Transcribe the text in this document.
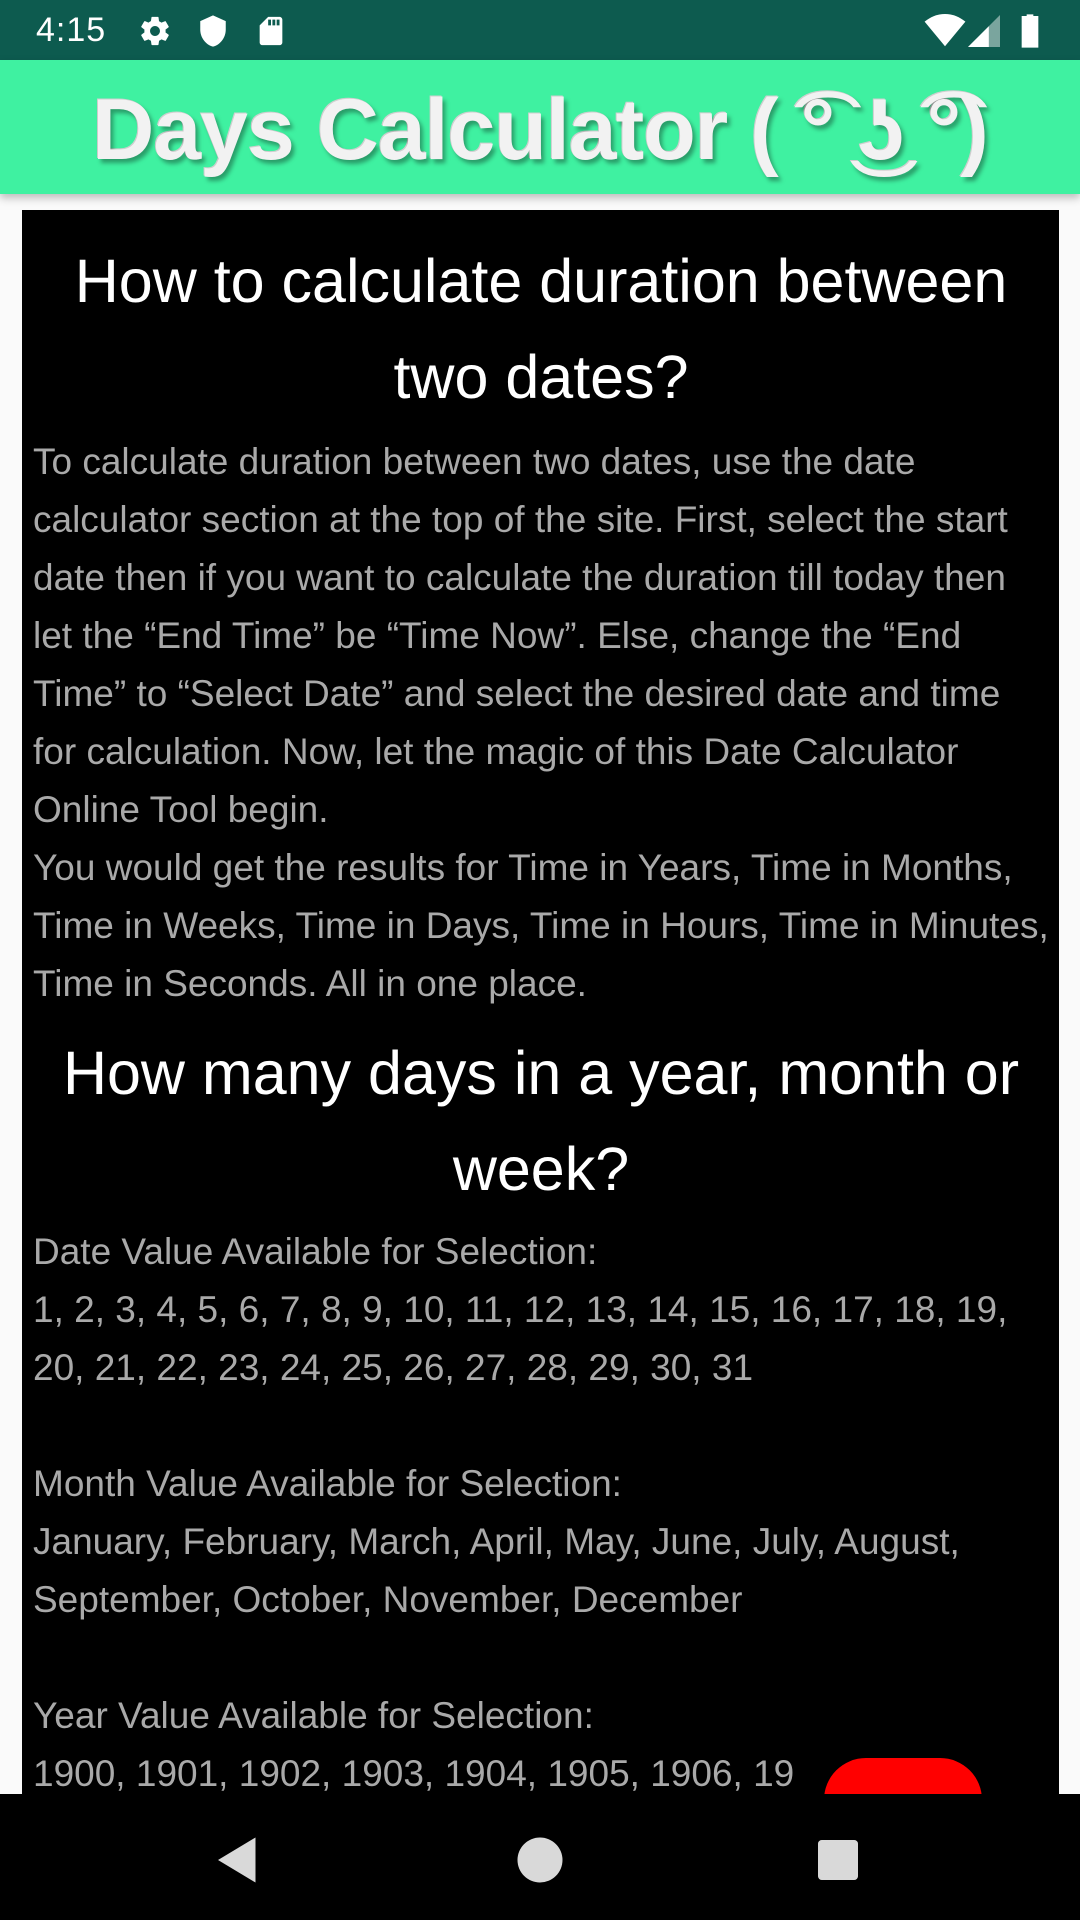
4:15
Days Calculator ( ͡° ͜ʖ ͡°)
How to calculate duration between two dates?

To calculate duration between two dates, use the date calculator section at the top of the site. First, select the start date then if you want to calculate the duration till today then let the “End Time” be “Time Now”. Else, change the “End Time” to “Select Date” and select the desired date and time for calculation. Now, let the magic of this Date Calculator Online Tool begin.

You would get the results for Time in Years, Time in Months, Time in Weeks, Time in Days, Time in Hours, Time in Minutes, Time in Seconds. All in one place.

How many days in a year, month or week?

Date Value Available for Selection:

1, 2, 3, 4, 5, 6, 7, 8, 9, 10, 11, 12, 13, 14, 15, 16, 17, 18, 19, 20, 21, 22, 23, 24, 25, 26, 27, 28, 29, 30, 31

Month Value Available for Selection:

January, February, March, April, May, June, July, August, September, October, November, December

Year Value Available for Selection:

1900, 1901, 1902, 1903, 1904, 1905, 1906, 19
